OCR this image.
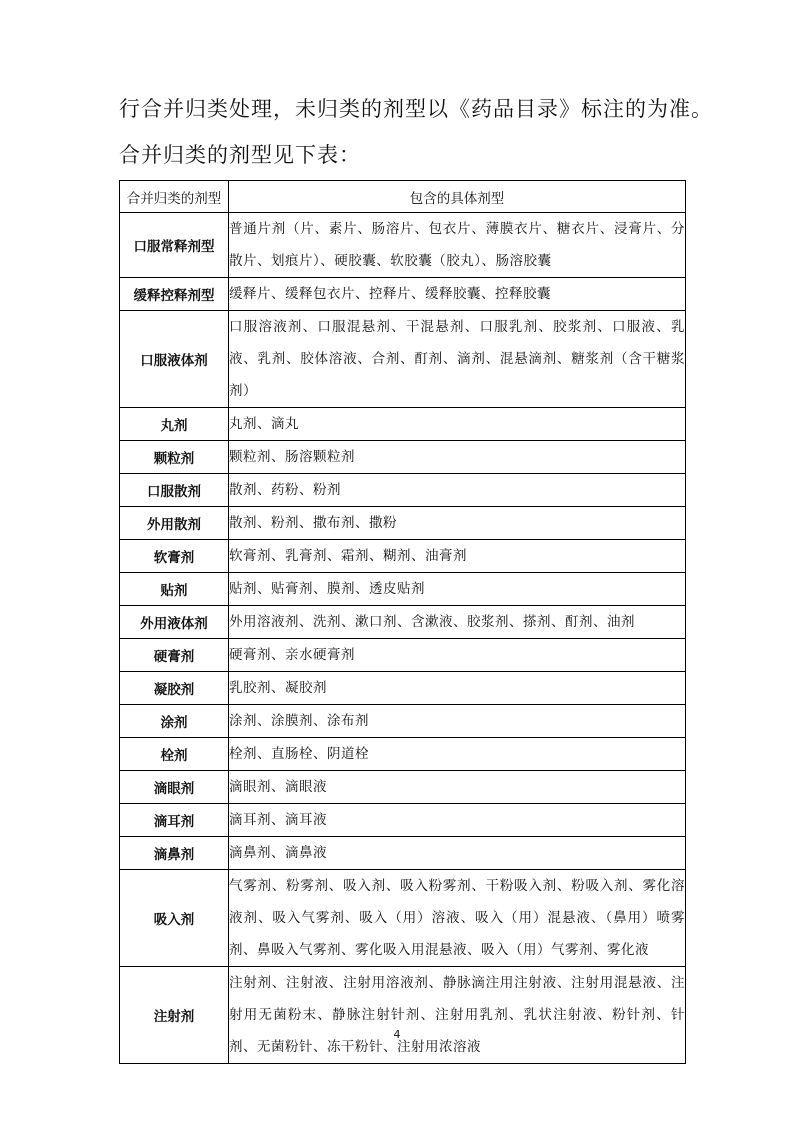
行合并归类处理，未归类的剂型以《药品目录》标注的为准。
合并归类的剂型见下表：
合并归类的剂型	包含的具体剂型
口服常释剂型	普通片剂（片、素片、肠溶片、包衣片、薄膜衣片、糖衣片、浸膏片、分散片、划痕片）、硬胶囊、软胶囊（胶丸）、肠溶胶囊
缓释控释剂型	缓释片、缓释包衣片、控释片、缓释胶囊、控释胶囊
口服液体剂	口服溶液剂、口服混悬剂、干混悬剂、口服乳剂、胶浆剂、口服液、乳液、乳剂、胶体溶液、合剂、酊剂、滴剂、混悬滴剂、糖浆剂（含干糖浆剂）
丸剂	丸剂、滴丸
颗粒剂	颗粒剂、肠溶颗粒剂
口服散剂	散剂、药粉、粉剂
外用散剂	散剂、粉剂、撒布剂、撒粉
软膏剂	软膏剂、乳膏剂、霜剂、糊剂、油膏剂
贴剂	贴剂、贴膏剂、膜剂、透皮贴剂
外用液体剂	外用溶液剂、洗剂、漱口剂、含漱液、胶浆剂、搽剂、酊剂、油剂
硬膏剂	硬膏剂、亲水硬膏剂
凝胶剂	乳胶剂、凝胶剂
涂剂	涂剂、涂膜剂、涂布剂
栓剂	栓剂、直肠栓、阴道栓
滴眼剂	滴眼剂、滴眼液
滴耳剂	滴耳剂、滴耳液
滴鼻剂	滴鼻剂、滴鼻液
吸入剂	气雾剂、粉雾剂、吸入剂、吸入粉雾剂、干粉吸入剂、粉吸入剂、雾化溶液剂、吸入气雾剂、吸入（用）溶液、吸入（用）混悬液、（鼻用）喷雾剂、鼻吸入气雾剂、雾化吸入用混悬液、吸入（用）气雾剂、雾化液
注射剂	注射剂、注射液、注射用溶液剂、静脉滴注用注射液、注射用混悬液、注射用无菌粉末、静脉注射针剂、注射用乳剂、乳状注射液、粉针剂、针剂、无菌粉针、冻干粉针、注射用浓溶液
4
